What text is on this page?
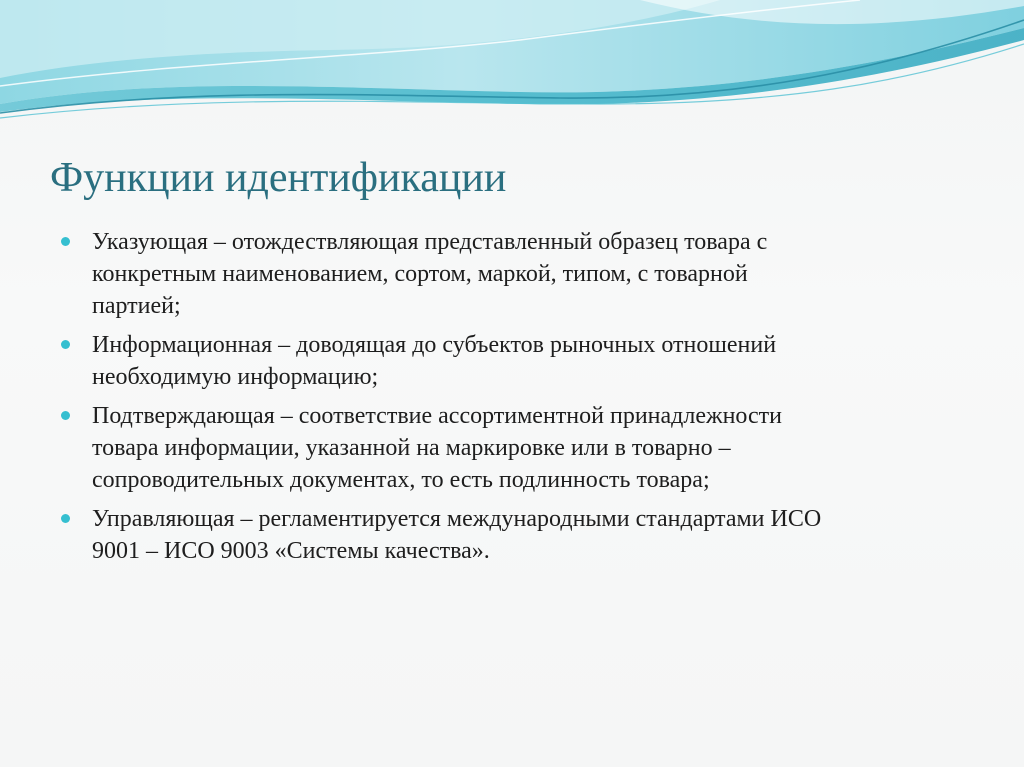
Функции идентификации
Указующая – отождествляющая представленный образец товара с
конкретным наименованием, сортом, маркой, типом, с товарной
партией;
Информационная – доводящая до субъектов рыночных отношений
необходимую информацию;
Подтверждающая – соответствие ассортиментной принадлежности
товара информации, указанной на маркировке или в товарно –
сопроводительных документах, то есть подлинность товара;
Управляющая – регламентируется международными стандартами ИСО
9001 – ИСО 9003 «Системы качества».
